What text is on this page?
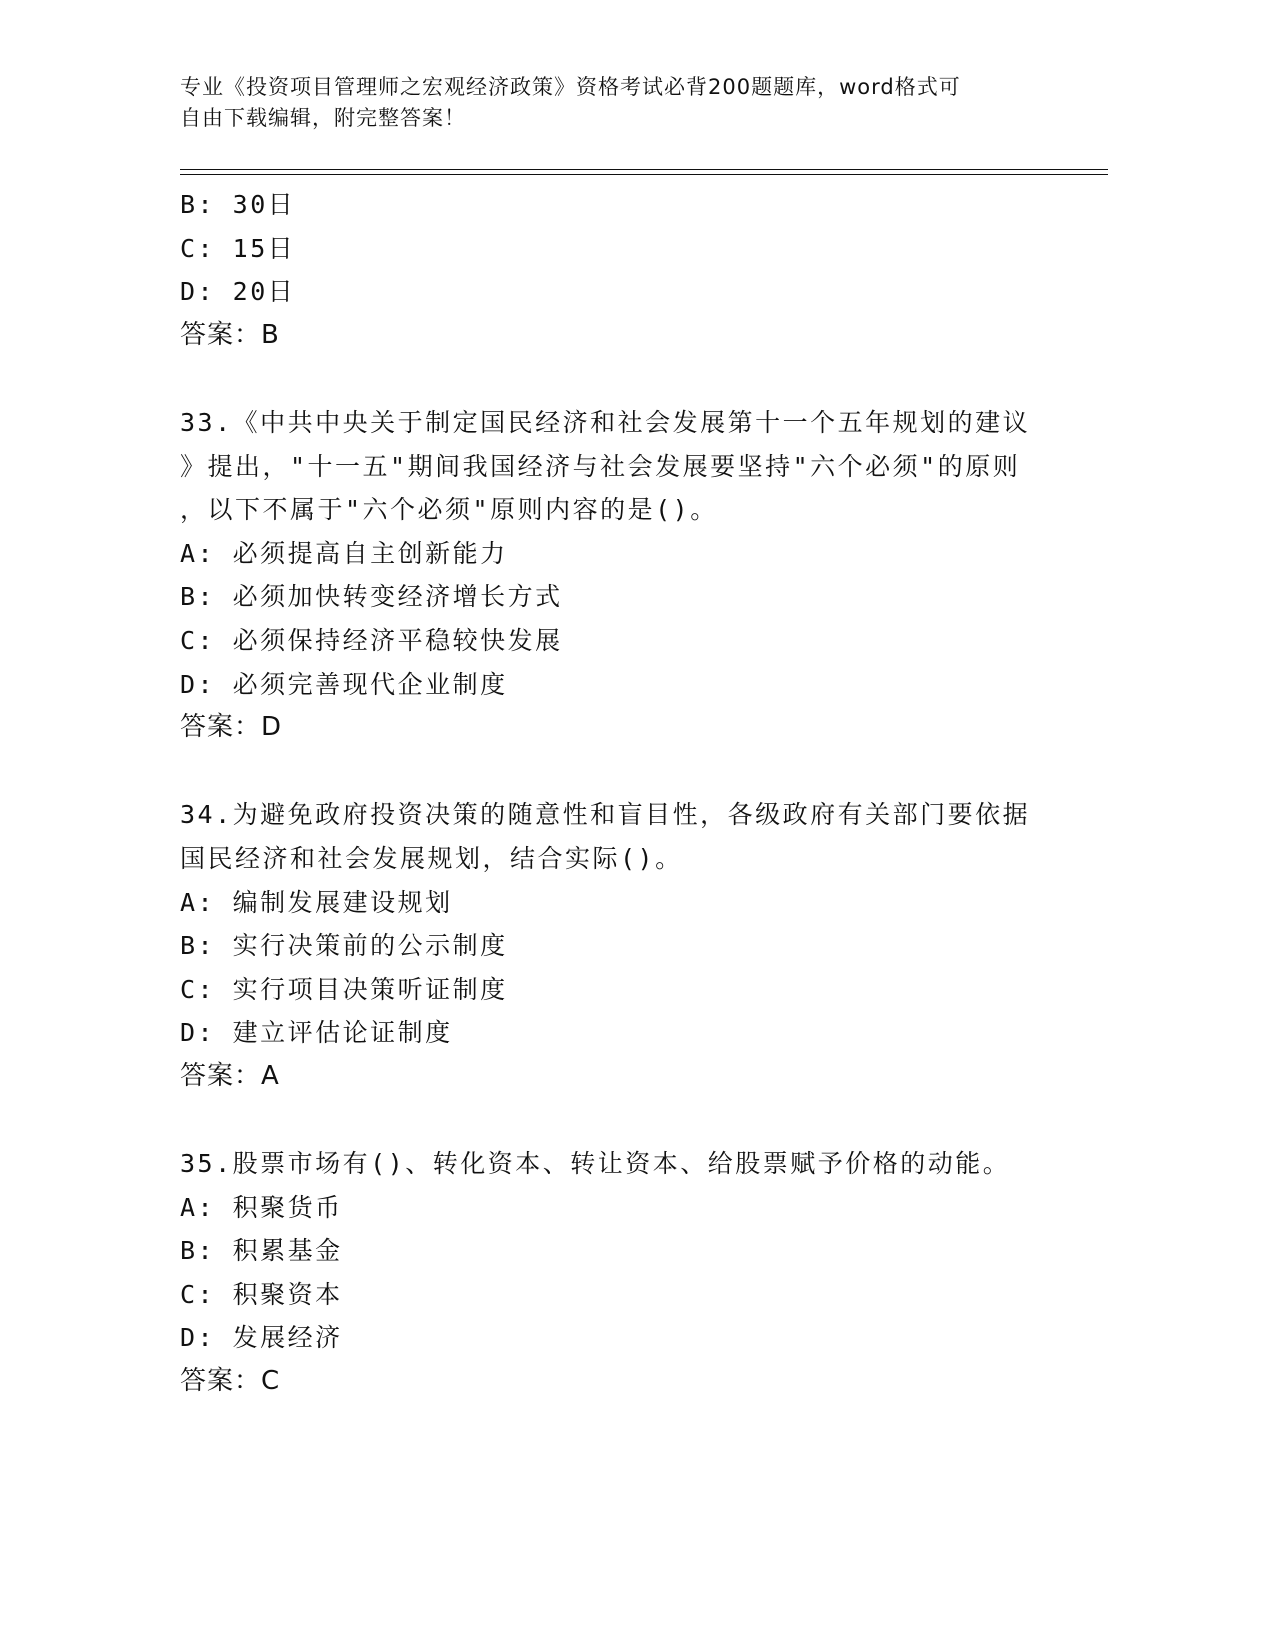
专业《投资项目管理师之宏观经济政策》资格考试必背200题题库，word格式可
自由下载编辑，附完整答案！
B: 30日
C: 15日
D: 20日
答案：B
33.《中共中央关于制定国民经济和社会发展第十一个五年规划的建议
》提出，"十一五"期间我国经济与社会发展要坚持"六个必须"的原则
，以下不属于"六个必须"原则内容的是()。
A: 必须提高自主创新能力
B: 必须加快转变经济增长方式
C: 必须保持经济平稳较快发展
D: 必须完善现代企业制度
答案：D
34.为避免政府投资决策的随意性和盲目性，各级政府有关部门要依据
国民经济和社会发展规划，结合实际()。
A: 编制发展建设规划
B: 实行决策前的公示制度
C: 实行项目决策听证制度
D: 建立评估论证制度
答案：A
35.股票市场有()、转化资本、转让资本、给股票赋予价格的动能。
A: 积聚货币
B: 积累基金
C: 积聚资本
D: 发展经济
答案：C
